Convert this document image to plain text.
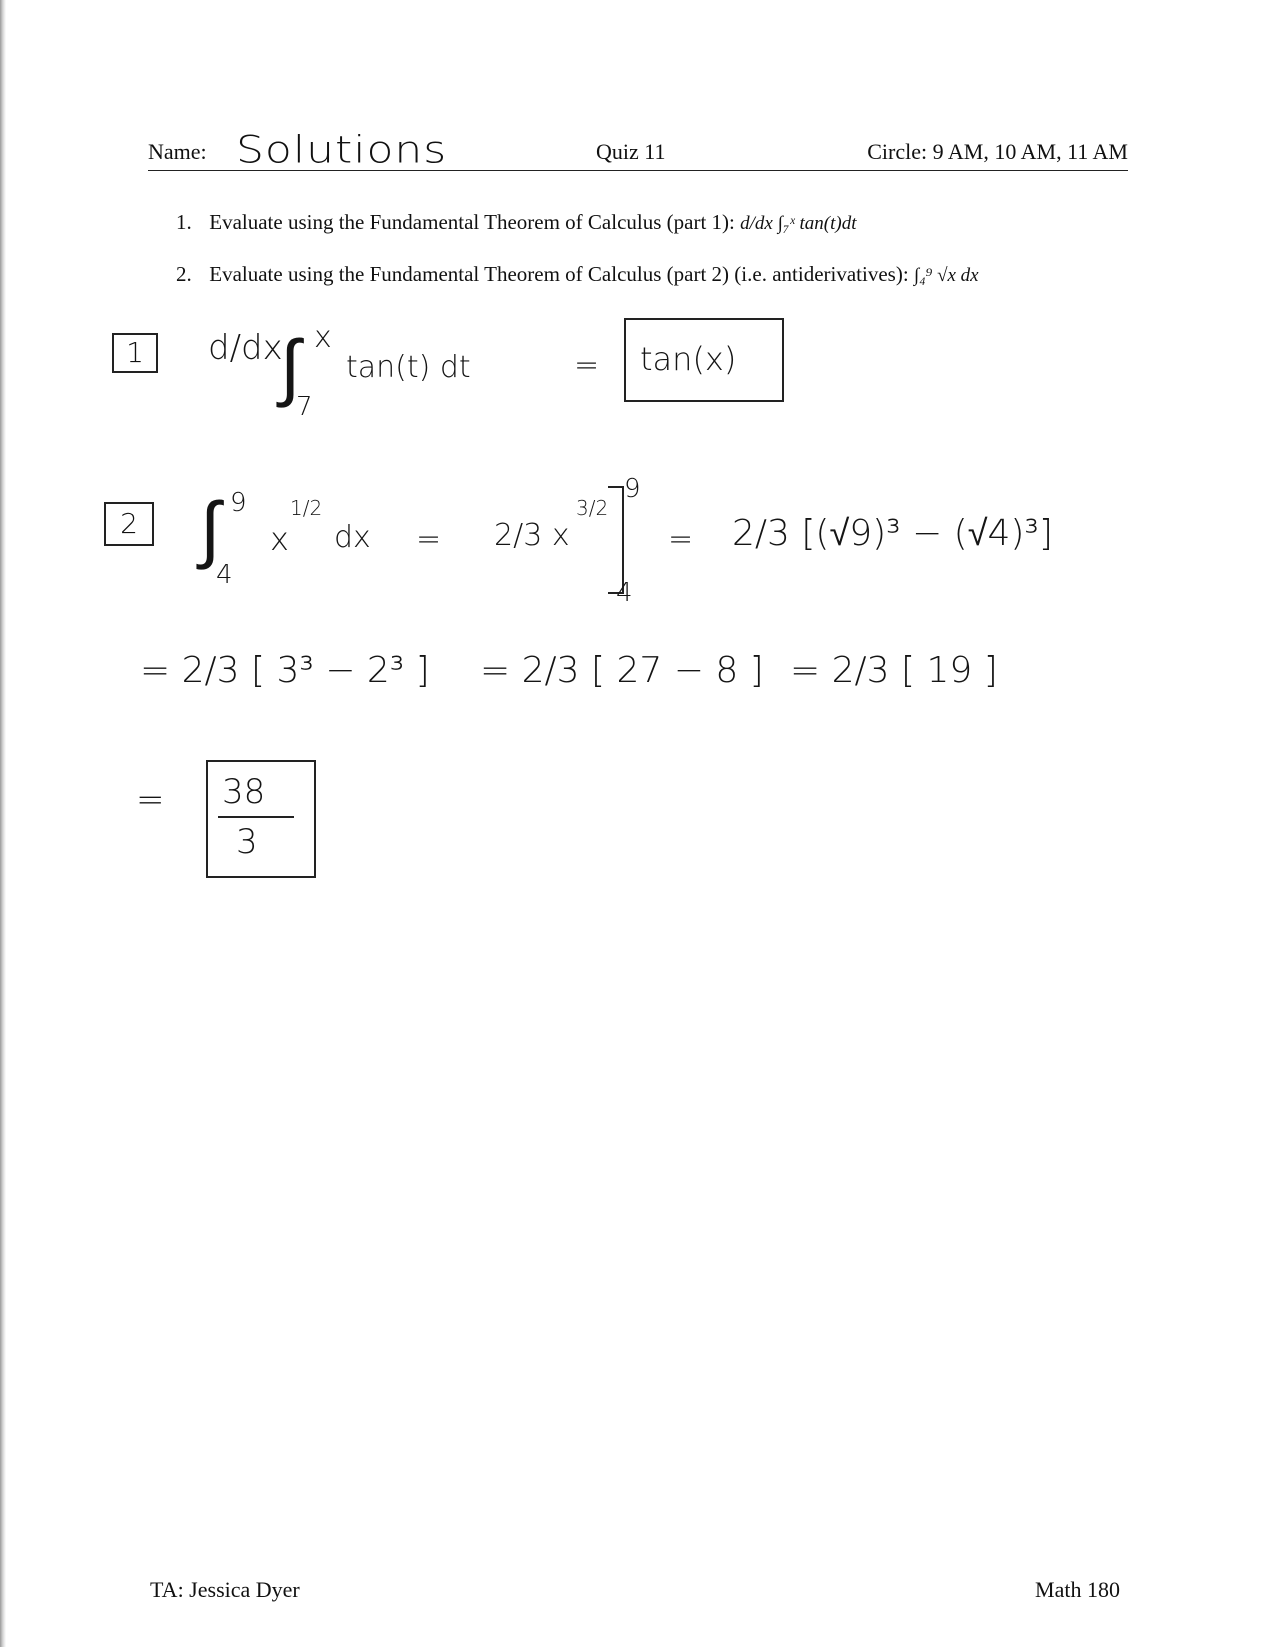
Name: Solutions	Quiz 11	Circle: 9 AM, 10 AM, 11 AM
1. Evaluate using the Fundamental Theorem of Calculus (part 1): d/dx ∫₇ˣ tan(t)dt
2. Evaluate using the Fundamental Theorem of Calculus (part 2) (i.e. antiderivatives): ∫₄⁹ √x dx
1	d/dx
∫ x
7
tan(t) dt	= tan(x)
2 ∫ 9
4
x
1/2
dx = 2/3 x
3/2
9
4
= 2/3 [(√9)³ − (√4)³]
= 2/3 [ 3³ − 2³ ] = 2/3 [ 27 − 8 ] = 2/3 [ 19 ]
= 38
3
TA: Jessica Dyer	Math 180
